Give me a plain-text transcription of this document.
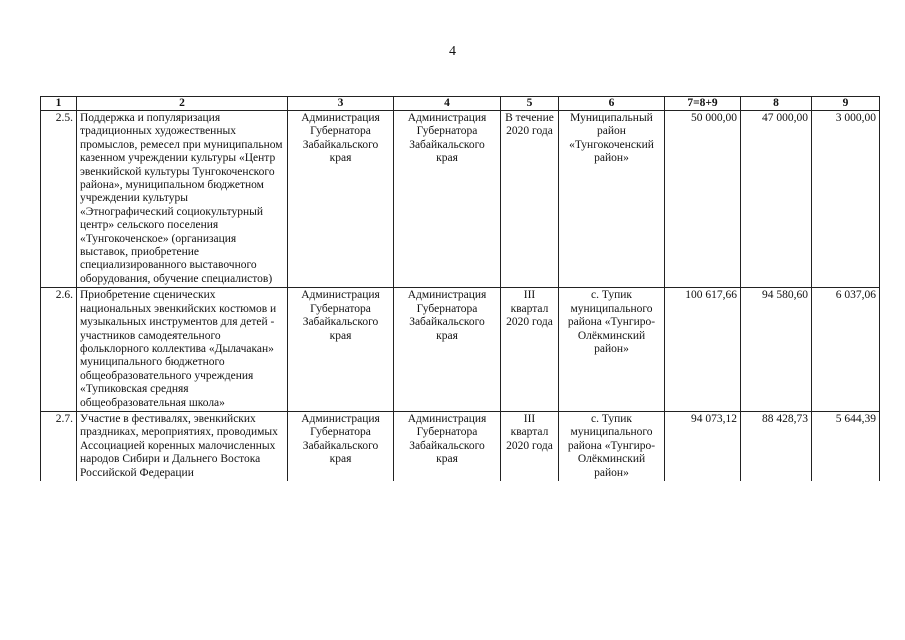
4
1	2	3	4	5	6	7=8+9	8	9
2.5.	Поддержка и популяризация традиционных художественных промыслов, ремесел при муниципальном казенном учреждении культуры «Центр эвенкийской культуры Тунгокоченского района», муниципальном бюджетном учреждении культуры «Этнографический социокультурный центр» сельского поселения «Тунгокоченское» (организация выставок, приобретение специализированного выставочного оборудования, обучение специалистов)	Администрация Губернатора Забайкальского края	Администрация Губернатора Забайкальского края	В течение 2020 года	Муниципальный район «Тунгокоченский район»	50 000,00	47 000,00	3 000,00
2.6.	Приобретение сценических национальных эвенкийских костюмов и музыкальных инструментов для детей - участников самодеятельного фольклорного коллектива «Дылачакан» муниципального бюджетного общеобразовательного учреждения «Тупиковская средняя общеобразовательная школа»	Администрация Губернатора Забайкальского края	Администрация Губернатора Забайкальского края	III квартал 2020 года	с. Тупик муниципального района «Тунгиро-Олёкминский район»	100 617,66	94 580,60	6 037,06
2.7.	Участие в фестивалях, эвенкийских праздниках, мероприятиях, проводимых Ассоциацией коренных малочисленных народов Сибири и Дальнего Востока Российской Федерации	Администрация Губернатора Забайкальского края	Администрация Губернатора Забайкальского края	III квартал 2020 года	с. Тупик муниципального района «Тунгиро-Олёкминский район»	94 073,12	88 428,73	5 644,39
